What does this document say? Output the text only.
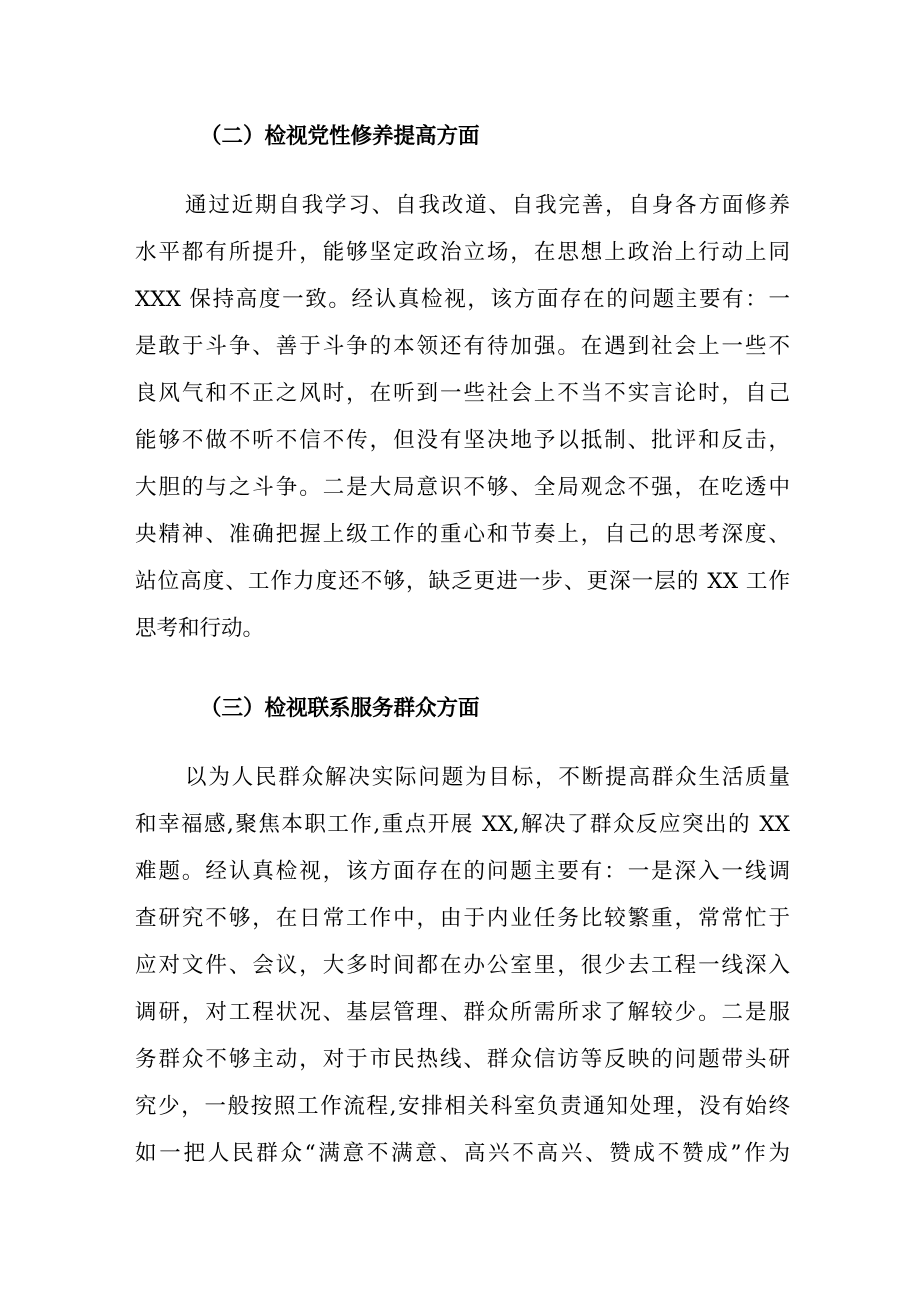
（二）检视党性修养提高方面
通过近期自我学习、自我改道、自我完善，自身各方面修养
水平都有所提升，能够坚定政治立场，在思想上政治上行动上同
XXX 保持高度一致。经认真检视，该方面存在的问题主要有：一
是敢于斗争、善于斗争的本领还有待加强。在遇到社会上一些不
良风气和不正之风时，在听到一些社会上不当不实言论时，自己
能够不做不听不信不传，但没有坚决地予以抵制、批评和反击，
大胆的与之斗争。二是大局意识不够、全局观念不强，在吃透中
央精神、准确把握上级工作的重心和节奏上，自己的思考深度、
站位高度、工作力度还不够，缺乏更进一步、更深一层的 XX 工作
思考和行动。
（三）检视联系服务群众方面
以为人民群众解决实际问题为目标，不断提高群众生活质量
和幸福感,聚焦本职工作,重点开展 XX,解决了群众反应突出的 XX
难题。经认真检视，该方面存在的问题主要有：一是深入一线调
查研究不够，在日常工作中，由于内业任务比较繁重，常常忙于
应对文件、会议，大多时间都在办公室里，很少去工程一线深入
调研，对工程状况、基层管理、群众所需所求了解较少。二是服
务群众不够主动，对于市民热线、群众信访等反映的问题带头研
究少，一般按照工作流程,安排相关科室负责通知处理，没有始终
如一把人民群众“满意不满意、高兴不高兴、赞成不赞成”作为
